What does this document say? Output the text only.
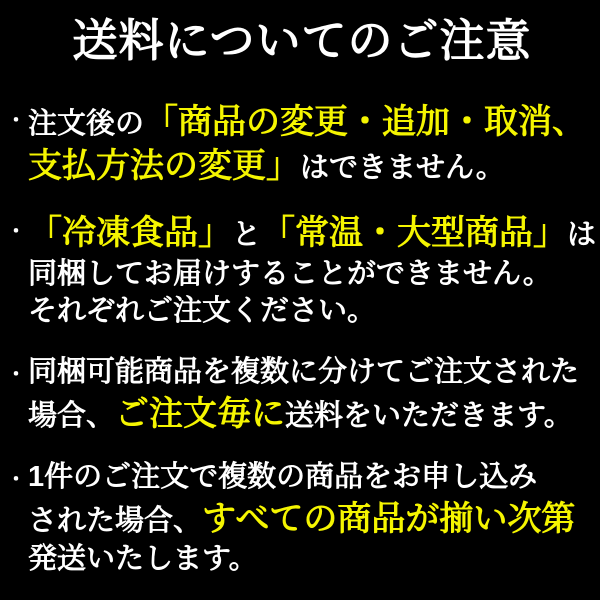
送料についてのご注意
・ 注文後の「商品の変更・追加・取消、
支払方法の変更」はできません。
・ 「冷凍食品」と「常温・大型商品」は
同梱してお届けすることができません。
それぞれご注文ください。
・ 同梱可能商品を複数に分けてご注文された
場合、ご注文毎に送料をいただきます。
・ 1件のご注文で複数の商品をお申し込み
された場合、すべての商品が揃い次第
発送いたします。
